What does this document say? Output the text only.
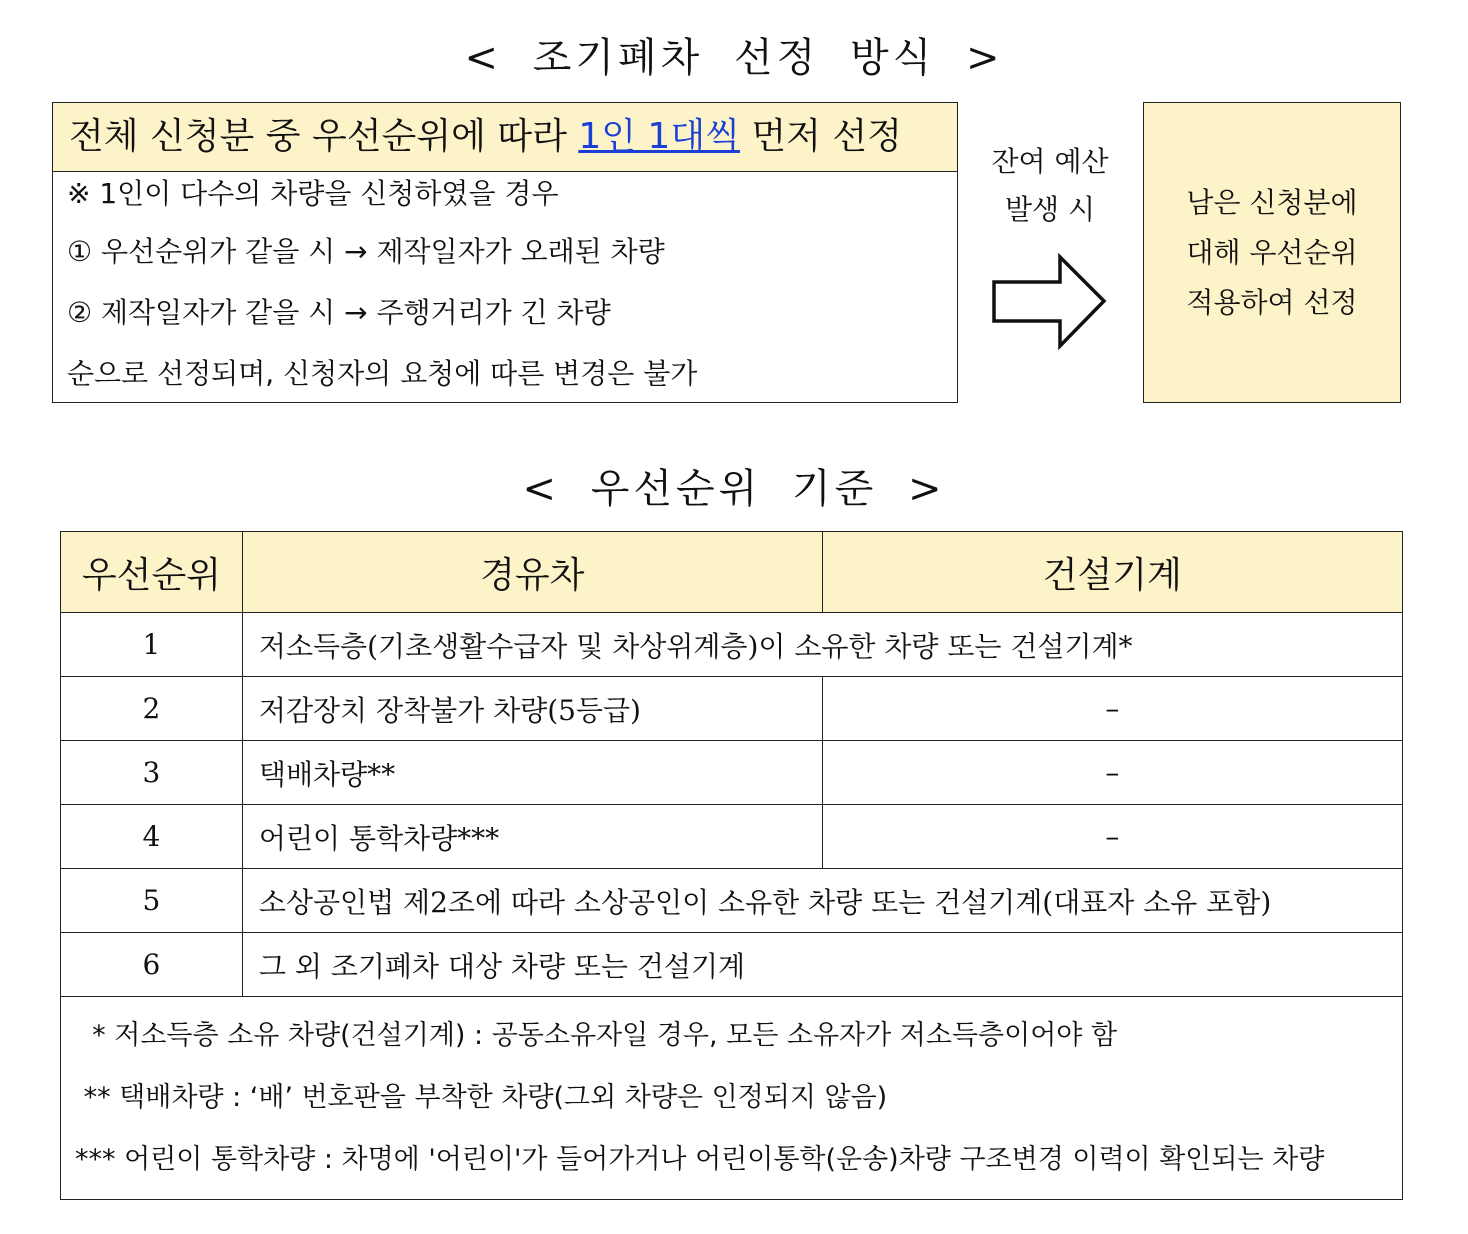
< 조기폐차 선정 방식 >
전체 신청분 중 우선순위에 따라 1인 1대씩 먼저 선정
※ 1인이 다수의 차량을 신청하였을 경우
① 우선순위가 같을 시 → 제작일자가 오래된 차량
② 제작일자가 같을 시 → 주행거리가 긴 차량
순으로 선정되며, 신청자의 요청에 따른 변경은 불가
잔여 예산
발생 시	남은 신청분에
대해 우선순위
적용하여 선정
< 우선순위 기준 >
우선순위	경유차	건설기계
1	저소득층(기초생활수급자 및 차상위계층)이 소유한 차량 또는 건설기계*	
2	저감장치 장착불가 차량(5등급)	–
3	택배차량**	–
4	어린이 통학차량***	–
5	소상공인법 제2조에 따라 소상공인이 소유한 차량 또는 건설기계(대표자 소유 포함)	
6	그 외 조기폐차 대상 차량 또는 건설기계	

* 저소득층 소유 차량(건설기계) : 공동소유자일 경우, 모든 소유자가 저소득층이어야 함
** 택배차량 : ‘배’ 번호판을 부착한 차량(그외 차량은 인정되지 않음)
*** 어린이 통학차량 : 차명에 '어린이'가 들어가거나 어린이통학(운송)차량 구조변경 이력이 확인되는 차량		
